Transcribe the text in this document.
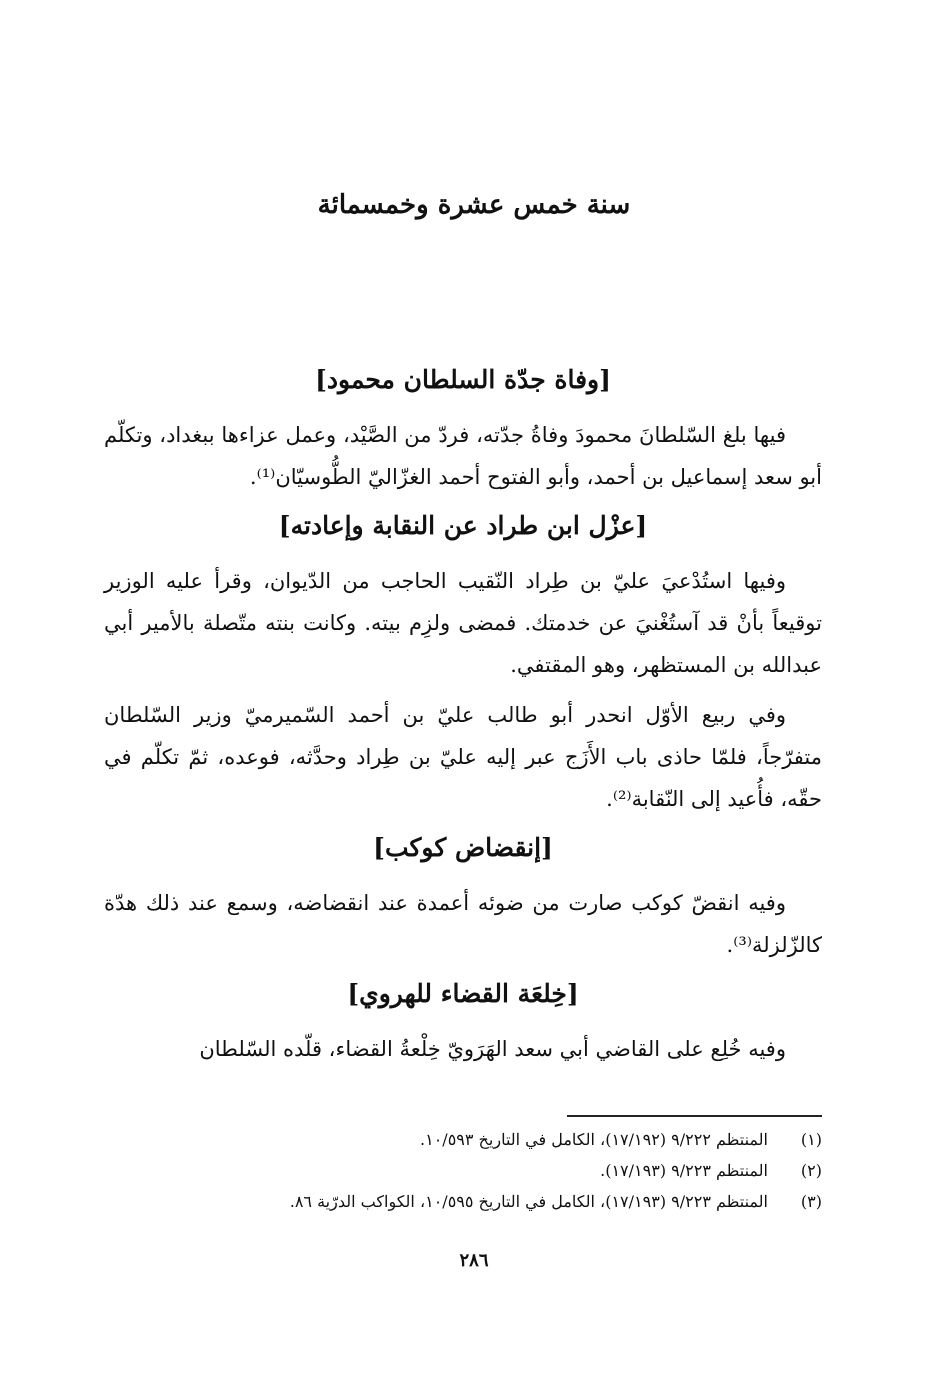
سنة خمس عشرة وخمسمائة
[وفاة جدّة السلطان محمود]

فيها بلغ السّلطانَ محمودَ وفاةُ جدّته، فردّ من الصَّيْد، وعمل عزاءها ببغداد، وتكلّم أبو سعد إسماعيل بن أحمد، وأبو الفتوح أحمد الغزّاليّ الطُّوسيّان⁽¹⁾.

[عزْل ابن طراد عن النقابة وإعادته]

وفيها استُدْعيَ عليّ بن طِراد النّقيب الحاجب من الدّيوان، وقرأ عليه الوزير توقيعاً بأنْ قد آستُغْنيَ عن خدمتك. فمضى ولزِم بيته. وكانت بنته متّصلة بالأمير أبي عبدالله بن المستظهر، وهو المقتفي.

وفي ربيع الأوّل انحدر أبو طالب عليّ بن أحمد السّميرميّ وزير السّلطان متفرّجاً، فلمّا حاذى باب الأَزَج عبر إليه عليّ بن طِراد وحدَّثه، فوعده، ثمّ تكلّم في حقّه، فأُعيد إلى النّقابة⁽²⁾.

[إنقضاض كوكب]

وفيه انقضّ كوكب صارت من ضوئه أعمدة عند انقضاضه، وسمع عند ذلك هدّة كالزّلزلة⁽³⁾.

[خِلعَة القضاء للهروي]

وفيه خُلِع على القاضي أبي سعد الهَرَويّ خِلْعةُ القضاء، قلّده السّلطان

(١)
المنتظم ٩/٢٢٢ (١٧/١٩٢)، الكامل في التاريخ ١٠/٥٩٣.
(٢)
المنتظم ٩/٢٢٣ (١٧/١٩٣).
(٣)
المنتظم ٩/٢٢٣ (١٧/١٩٣)، الكامل في التاريخ ١٠/٥٩٥، الكواكب الدرّية ٨٦.
٢٨٦
